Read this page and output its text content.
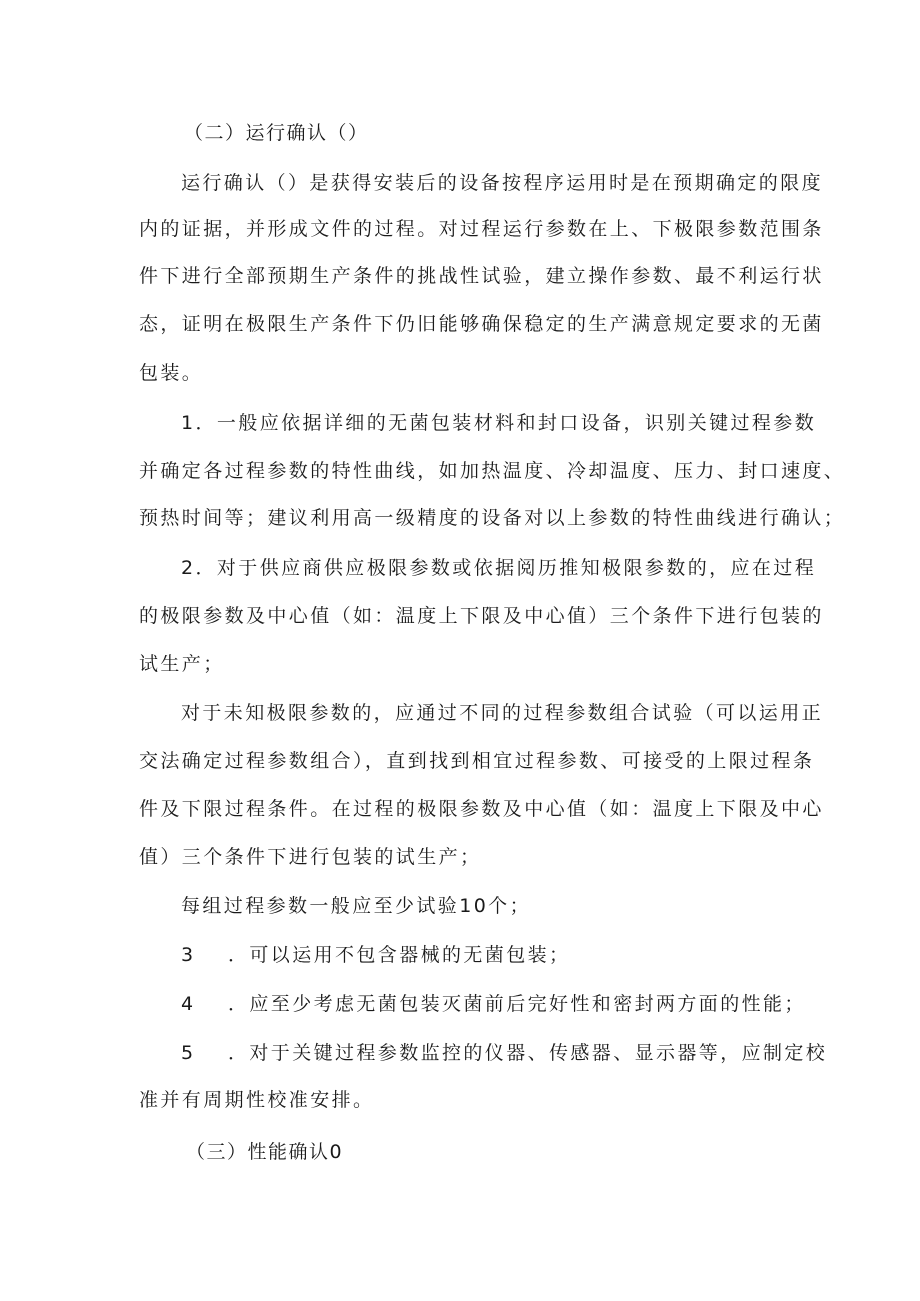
（二）运行确认（）
运行确认（）是获得安装后的设备按程序运用时是在预期确定的限度
内的证据，并形成文件的过程。对过程运行参数在上、下极限参数范围条
件下进行全部预期生产条件的挑战性试验，建立操作参数、最不利运行状
态，证明在极限生产条件下仍旧能够确保稳定的生产满意规定要求的无菌
包装。
1．一般应依据详细的无菌包装材料和封口设备，识别关键过程参数
并确定各过程参数的特性曲线，如加热温度、冷却温度、压力、封口速度、
预热时间等；建议利用高一级精度的设备对以上参数的特性曲线进行确认；
2．对于供应商供应极限参数或依据阅历推知极限参数的，应在过程
的极限参数及中心值（如：温度上下限及中心值）三个条件下进行包装的
试生产；
对于未知极限参数的，应通过不同的过程参数组合试验（可以运用正
交法确定过程参数组合），直到找到相宜过程参数、可接受的上限过程条
件及下限过程条件。在过程的极限参数及中心值（如：温度上下限及中心
值）三个条件下进行包装的试生产；
每组过程参数一般应至少试验10个；
3 ．可以运用不包含器械的无菌包装；
4 ．应至少考虑无菌包装灭菌前后完好性和密封两方面的性能；
5 ．对于关键过程参数监控的仪器、传感器、显示器等，应制定校
准并有周期性校准安排。
（三）性能确认0
